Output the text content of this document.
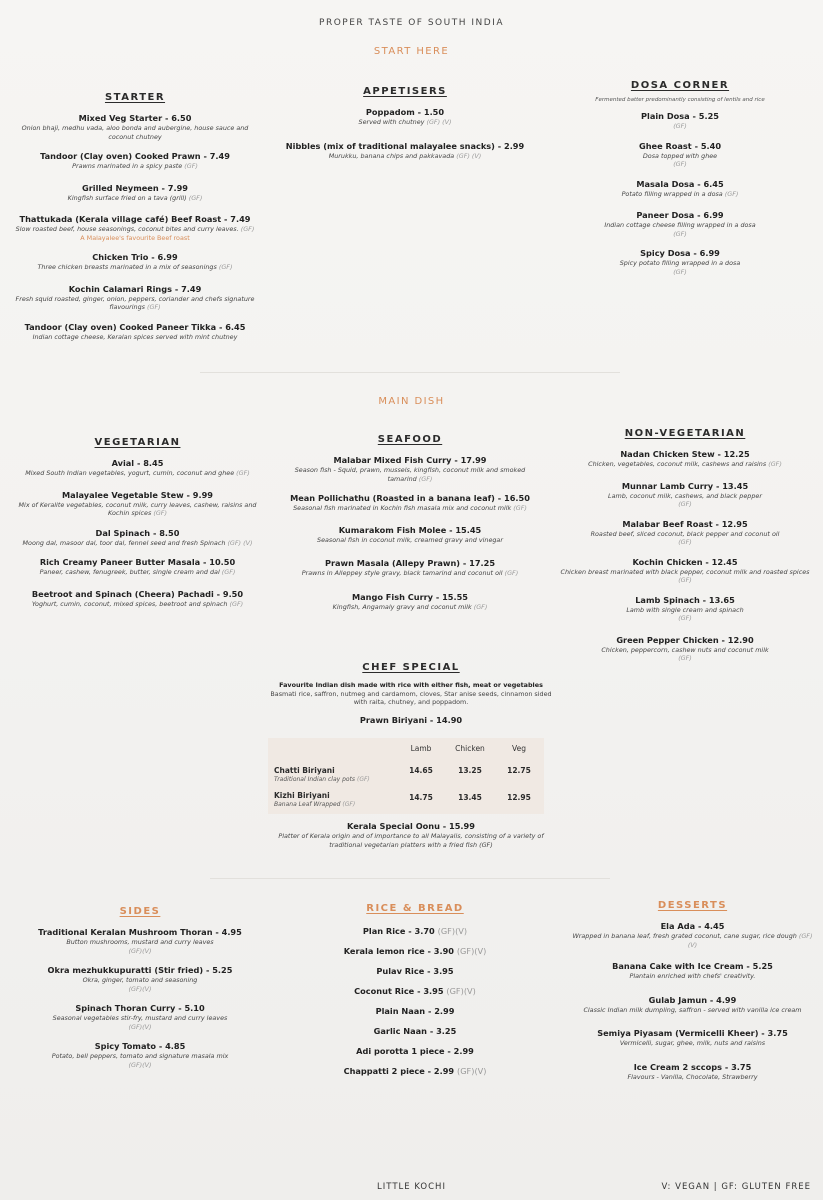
PROPER TASTE OF SOUTH INDIA
START HERE
STARTER
Mixed Veg Starter - 6.50
Onion bhaji, medhu vada, aloo bonda and aubergine, house sauce and coconut chutney
Tandoor (Clay oven) Cooked Prawn - 7.49
Prawns marinated in a spicy paste (GF)
Grilled Neymeen - 7.99
Kingfish surface fried on a tava (grill) (GF)
Thattukada (Kerala village café) Beef Roast - 7.49
Slow roasted beef, house seasonings, coconut bites and curry leaves. (GF)
A Malayalee's favourite Beef roast
Chicken Trio - 6.99
Three chicken breasts marinated in a mix of seasonings (GF)
Kochin Calamari Rings - 7.49
Fresh squid roasted, ginger, onion, peppers, coriander and chefs signature flavourings (GF)
Tandoor (Clay oven) Cooked Paneer Tikka - 6.45
Indian cottage cheese, Keralan spices served with mint chutney
APPETISERS
Poppadom - 1.50
Served with chutney (GF) (V)
Nibbles (mix of traditional malayalee snacks) - 2.99
Murukku, banana chips and pakkavada (GF) (V)
DOSA CORNER
Fermented batter predominantly consisting of lentils and rice
Plain Dosa - 5.25
(GF)
Ghee Roast - 5.40
Dosa topped with ghee
(GF)
Masala Dosa - 6.45
Potato filling wrapped in a dosa (GF)
Paneer Dosa - 6.99
Indian cottage cheese filling wrapped in a dosa
(GF)
Spicy Dosa - 6.99
Spicy potato filling wrapped in a dosa
(GF)
MAIN DISH
VEGETARIAN
Avial - 8.45
Mixed South Indian vegetables, yogurt, cumin, coconut and ghee (GF)
Malayalee Vegetable Stew - 9.99
Mix of Keralite vegetables, coconut milk, curry leaves, cashew, raisins and Kochin spices (GF)
Dal Spinach - 8.50
Moong dal, masoor dal, toor dal, fennel seed and fresh Spinach (GF) (V)
Rich Creamy Paneer Butter Masala - 10.50
Paneer, cashew, fenugreek, butter, single cream and dal (GF)
Beetroot and Spinach (Cheera) Pachadi - 9.50
Yoghurt, cumin, coconut, mixed spices, beetroot and spinach (GF)
SEAFOOD
Malabar Mixed Fish Curry - 17.99
Season fish - Squid, prawn, mussels, kingfish, coconut milk and smoked tamarind (GF)
Mean Pollichathu (Roasted in a banana leaf) - 16.50
Seasonal fish marinated in Kochin fish masala mix and coconut milk (GF)
Kumarakom Fish Molee - 15.45
Seasonal fish in coconut milk, creamed gravy and vinegar
Prawn Masala (Allepy Prawn) - 17.25
Prawns in Alleppey style gravy, black tamarind and coconut oil (GF)
Mango Fish Curry - 15.55
Kingfish, Angamaly gravy and coconut milk (GF)
NON-VEGETARIAN
Nadan Chicken Stew - 12.25
Chicken, vegetables, coconut milk, cashews and raisins (GF)
Munnar Lamb Curry - 13.45
Lamb, coconut milk, cashews, and black pepper
(GF)
Malabar Beef Roast - 12.95
Roasted beef, sliced coconut, black pepper and coconut oil
(GF)
Kochin Chicken - 12.45
Chicken breast marinated with black pepper, coconut milk and roasted spices (GF)
Lamb Spinach - 13.65
Lamb with single cream and spinach
(GF)
Green Pepper Chicken - 12.90
Chicken, peppercorn, cashew nuts and coconut milk
(GF)
CHEF SPECIAL
Favourite Indian dish made with rice with either fish, meat or vegetables
Basmati rice, saffron, nutmeg and cardamom, cloves, Star anise seeds, cinnamon sided with raita, chutney, and poppadom.
Prawn Biriyani - 14.90
Lamb	Chicken	Veg
Chatti Biriyani
Traditional Indian clay pots (GF)
14.65	13.25	12.75
Kizhi Biriyani
Banana Leaf Wrapped (GF)
14.75	13.45	12.95
Kerala Special Oonu - 15.99
Platter of Kerala origin and of importance to all Malayalis, consisting of a variety of traditional vegetarian platters with a fried fish (GF)
SIDES
Traditional Keralan Mushroom Thoran - 4.95
Button mushrooms, mustard and curry leaves
(GF)(V)
Okra mezhukkupuratti (Stir fried) - 5.25
Okra, ginger, tomato and seasoning
(GF)(V)
Spinach Thoran Curry - 5.10
Seasonal vegetables stir-fry, mustard and curry leaves
(GF)(V)
Spicy Tomato - 4.85
Potato, bell peppers, tomato and signature masala mix
(GF)(V)
RICE & BREAD
Plan Rice - 3.70 (GF)(V)
Kerala lemon rice - 3.90 (GF)(V)
Pulav Rice - 3.95
Coconut Rice - 3.95 (GF)(V)
Plain Naan - 2.99
Garlic Naan - 3.25
Adi porotta 1 piece - 2.99
Chappatti 2 piece - 2.99 (GF)(V)
DESSERTS
Ela Ada - 4.45
Wrapped in banana leaf, fresh grated coconut, cane sugar, rice dough (GF)(V)
Banana Cake with Ice Cream - 5.25
Plantain enriched with chefs' creativity.
Gulab Jamun - 4.99
Classic Indian milk dumpling, saffron - served with vanilla ice cream
Semiya Piyasam (Vermicelli Kheer) - 3.75
Vermicelli, sugar, ghee, milk, nuts and raisins
Ice Cream 2 sccops - 3.75
Flavours - Vanilla, Chocolate, Strawberry
LITTLE KOCHI	V: VEGAN | GF: GLUTEN FREE
